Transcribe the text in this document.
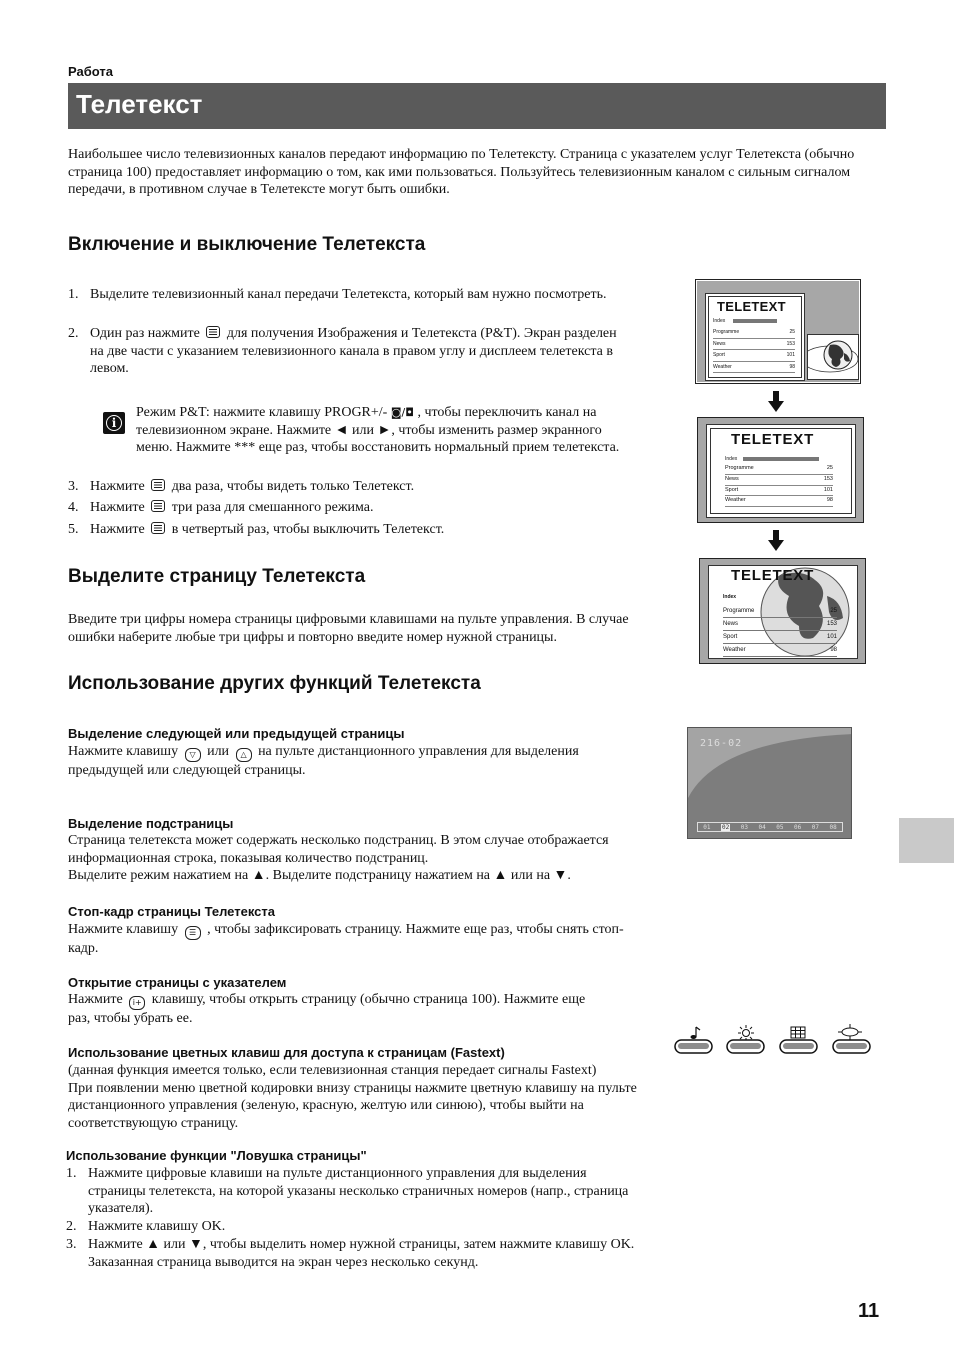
Работа
Телетекст
Наибольшее число телевизионных каналов передают информацию по Телетексту. Страница с указателем услуг Телетекста (обычно страница 100) предоставляет информацию о том, как ими пользоваться. Пользуйтесь телевизионным каналом с сильным сигналом передачи, в противном случае в Телетексте могут быть ошибки.
Включение и выключение Телетекста
1. Выделите телевизионный канал передачи Телетекста, который вам нужно посмотреть.
2. Один раз нажмите для получения Изображения и Телетекста (P&T). Экран разделен
на две части с указанием телевизионного канала в правом углу и дисплеем телетекста в
левом.
i
Режим P&T: нажмите клавишу PROGR+/- ◙/◘ , чтобы переключить канал на
телевизионном экране. Нажмите ◄ или ►, чтобы изменить размер экранного
меню. Нажмите *** еще раз, чтобы восстановить нормальный прием телетекста.
3. Нажмите  два раза, чтобы видеть только Телетекст.
4. Нажмите три раза для смешанного режима.
5. Нажмите в четвертый раз, чтобы выключить Телетекст.
Выделите страницу Телетекста
Введите три цифры номера страницы цифровыми клавишами на пульте управления. В случае
ошибки наберите любые три цифры и повторно введите номер нужной страницы.
Использование других функций Телетекста
Выделение следующей или предыдущей страницы
Нажмите клавишу ▽ или △ на пульте дистанционного управления для выделения
предыдущей или следующей страницы.
Выделение подстраницы
Страница телетекста может содержать несколько подстраниц. В этом случае отображается
информационная строка, показывая количество подстраниц.
Выделите режим нажатием на ▲. Выделите подстраницу нажатием на ▲ или на ▼.
Стоп-кадр страницы Телетекста
Нажмите клавишу ☰ , чтобы зафиксировать страницу. Нажмите еще раз, чтобы снять стоп-
кадр.
Открытие страницы с указателем
Нажмите i+ клавишу, чтобы открыть страницу (обычно страница 100). Нажмите еще
раз, чтобы убрать ее.
Использование цветных клавиш для доступа к страницам (Fastext)
(данная функция имеется только, если телевизионная станция передает сигналы Fastext)
При появлении меню цветной кодировки внизу страницы нажмите цветную клавишу на пульте
дистанционного управления (зеленую, красную, желтую или синюю), чтобы выйти на
соответствующую страницу.
Использование функции "Ловушка страницы"
1. Нажмите цифровые клавиши на пульте дистанционного управления для выделения
страницы телетекста, на которой указаны несколько страничных номеров (напр., страница
указателя).
2. Нажмите клавишу OK.
3. Нажмите ▲ или ▼, чтобы выделить номер нужной страницы, затем нажмите клавишу OK.
Заказанная страница выводится на экран через несколько секунд.
TELETEXT
Index
Programme	25
News	153
Sport	101
Weather	98
TELETEXT
Index
Programme	25
News	153
Sport	101
Weather	98
TELETEXT
Index
Programme	25
News	153
Sport	101
Weather	98
216-02
01 02 03 04 05 06 07 08
11
